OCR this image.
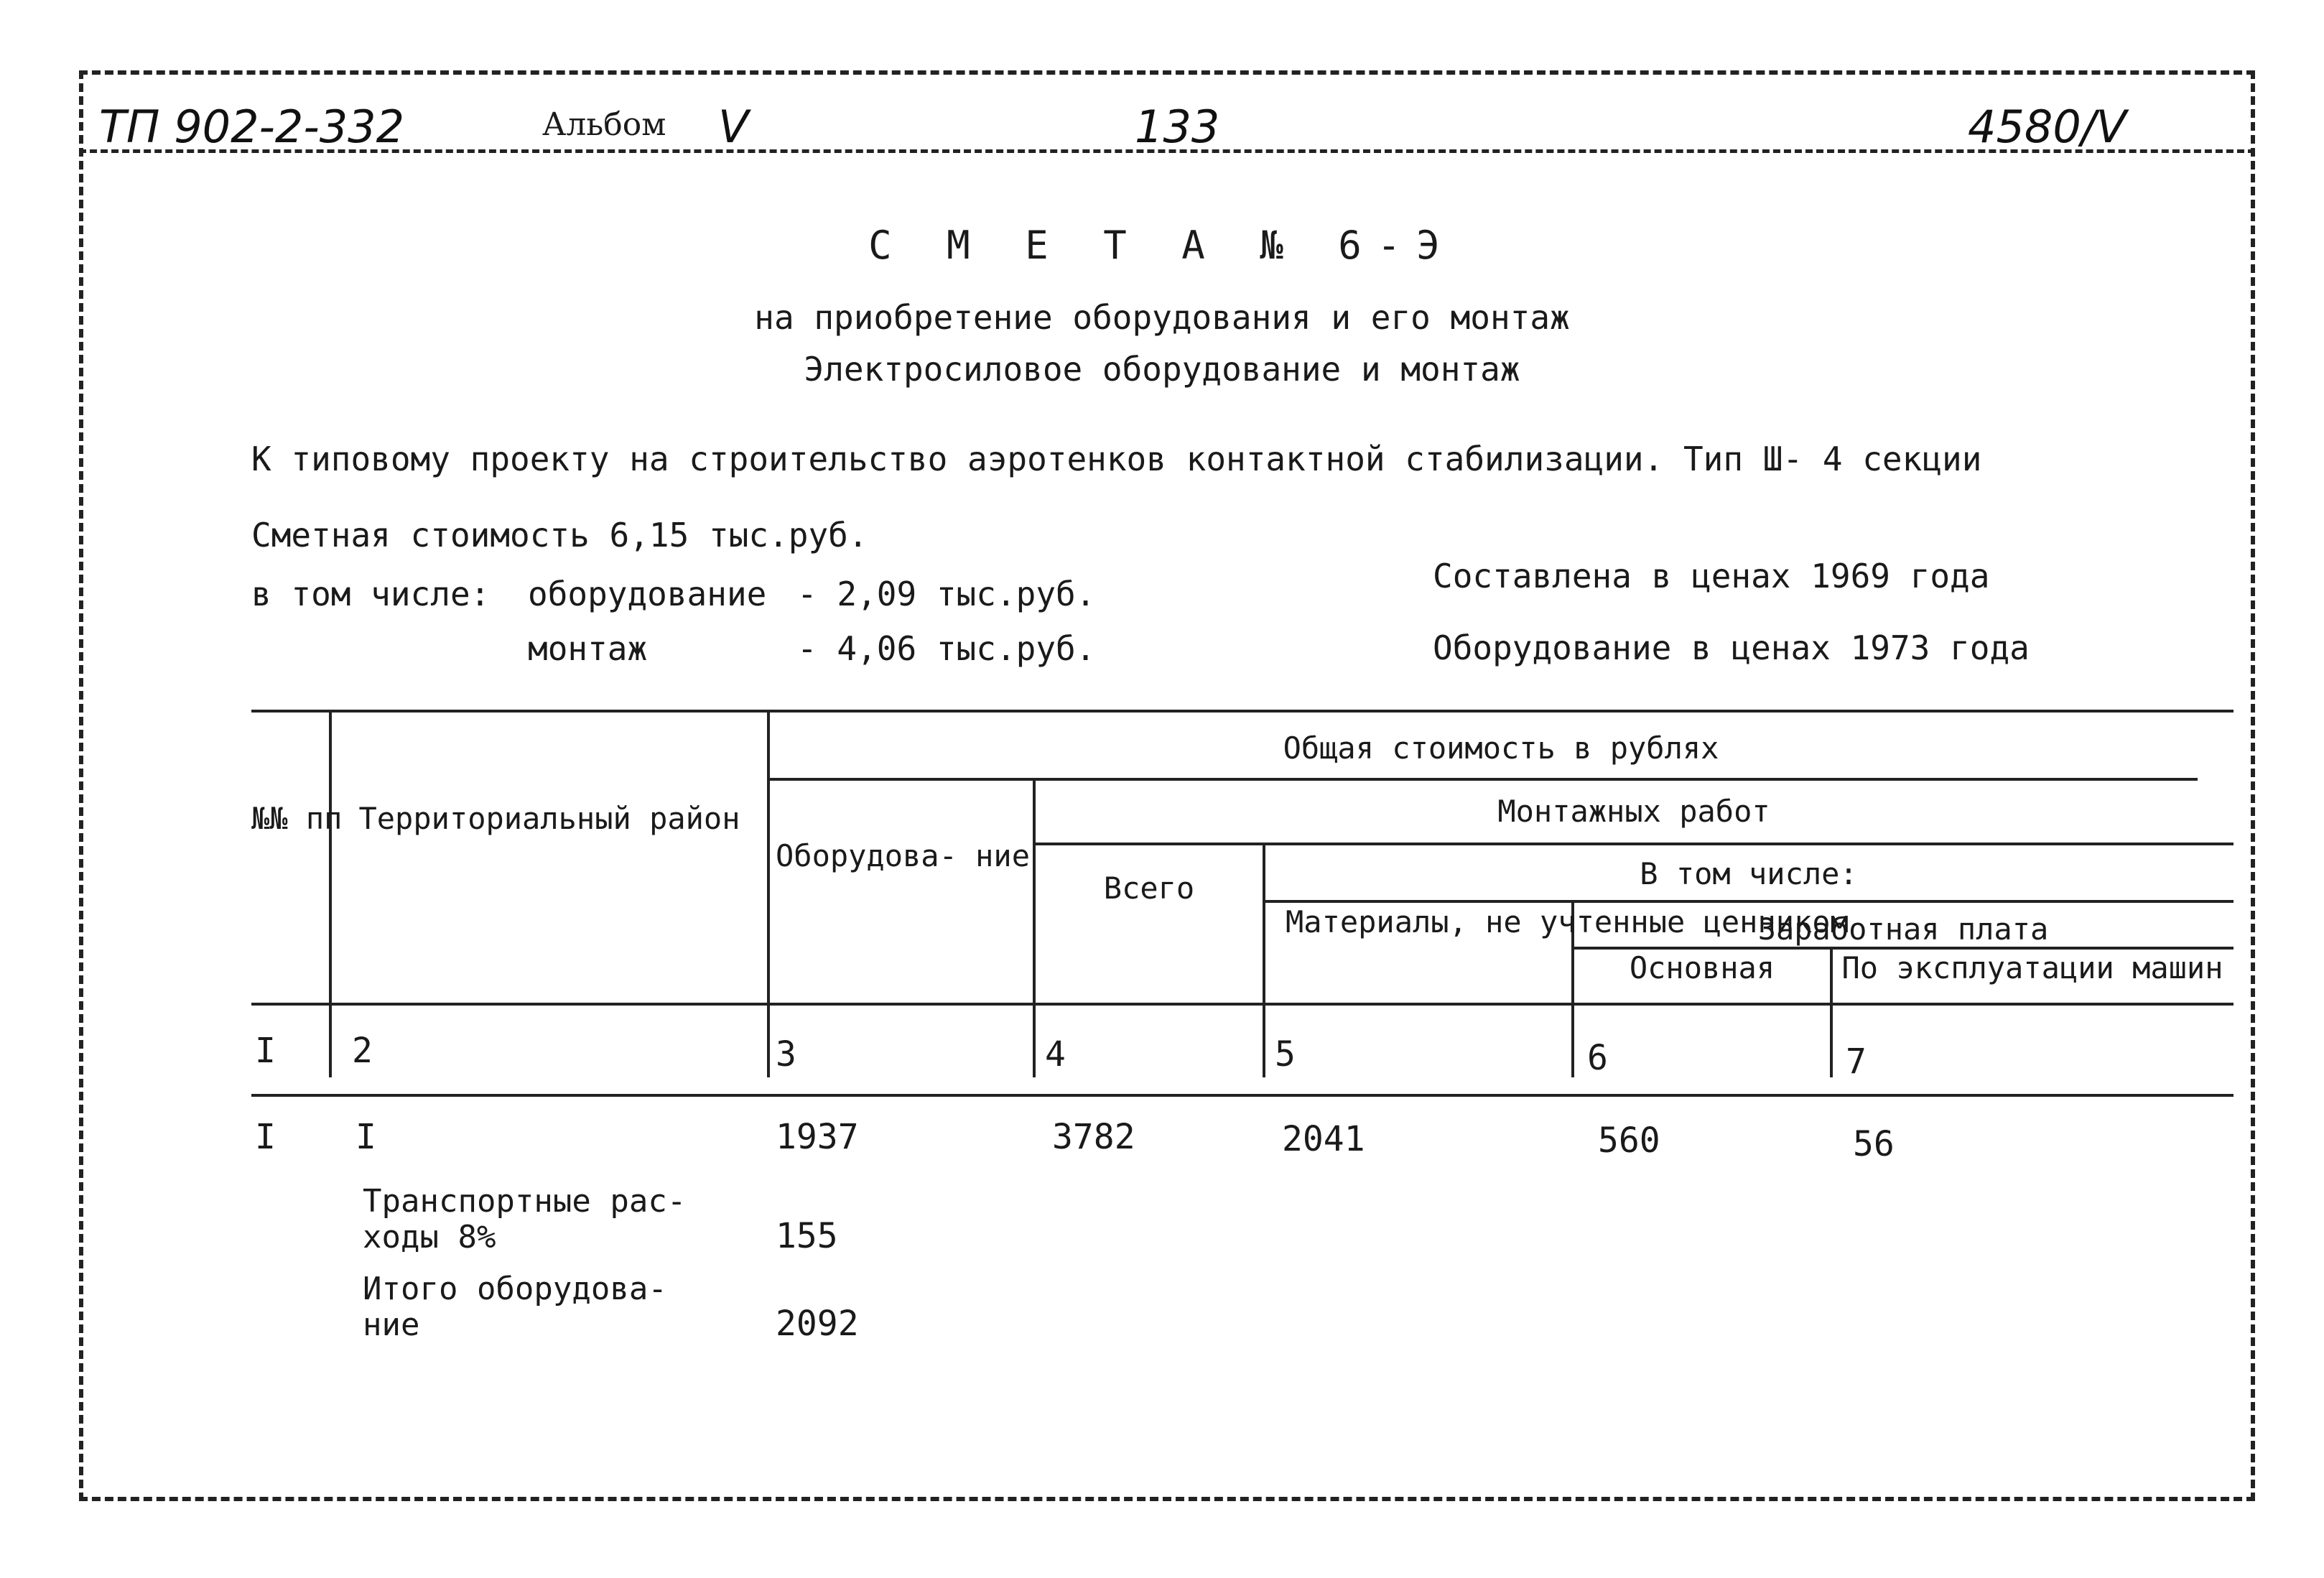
ТП 902-2-332	Альбом V	133	4580/V
С М Е Т А № 6-Э
на приобретение оборудования и его монтаж
Электросиловое оборудование и монтаж
К типовому проекту на строительство аэротенков контактной стабилизации. Тип Ш- 4 секции
Сметная стоимость 6,15 тыс.руб.
в том числе: оборудование - 2,09 тыс.руб.
монтаж	- 4,06 тыс.руб.
Составлена в ценах 1969 года
Оборудование в ценах 1973 года
№№ пп Территориальный район
Общая стоимость в рублях
Оборудова- ние
Монтажных работ
Всего	В том числе:
Материалы, не учтенные ценником
Заработная плата
Основная	По эксплуатации машин
I 2	3	4	5	6	7
I I	1937	3782	2041	560	56
Транспортные рас- ходы 8%	155
Итого оборудова- ние	2092
